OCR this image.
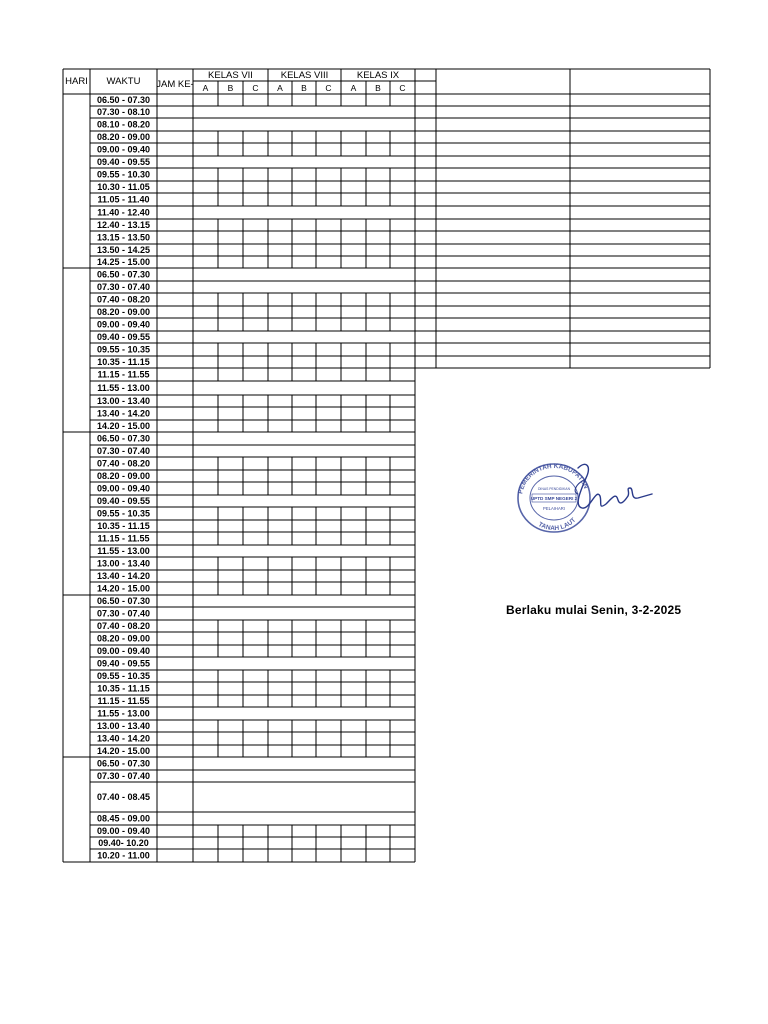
HARI WAKTU JAM KE-
KELAS VII
A B C
KELAS VIII
A B C
KELAS IX
A B C
06.50 - 07.30
07.30 - 08.10
08.10 - 08.20
08.20 - 09.00
09.00 - 09.40
09.40 - 09.55
09.55 - 10.30
10.30 - 11.05
11.05 - 11.40
11.40 - 12.40
12.40 - 13.15
13.15 - 13.50
13.50 - 14.25
14.25 - 15.00
06.50 - 07.30
07.30 - 07.40
07.40 - 08.20
08.20 - 09.00
09.00 - 09.40
09.40 - 09.55
09.55 - 10.35
10.35 - 11.15
11.15 - 11.55
11.55 - 13.00
13.00 - 13.40
13.40 - 14.20
14.20 - 15.00
06.50 - 07.30
07.30 - 07.40
07.40 - 08.20
08.20 - 09.00
09.00 - 09.40
09.40 - 09.55
09.55 - 10.35
10.35 - 11.15
11.15 - 11.55
11.55 - 13.00
13.00 - 13.40
13.40 - 14.20
14.20 - 15.00
06.50 - 07.30
07.30 - 07.40
07.40 - 08.20
08.20 - 09.00
09.00 - 09.40
09.40 - 09.55
09.55 - 10.35
10.35 - 11.15
11.15 - 11.55
11.55 - 13.00
13.00 - 13.40
13.40 - 14.20
14.20 - 15.00
06.50 - 07.30
07.30 - 07.40
07.40 - 08.45
08.45 - 09.00
09.00 - 09.40
09.40- 10.20
10.20 - 11.00
PEMERINTAH KABUPATEN
TANAH LAUT
DINAS PENDIDIKAN
UPTD SMP NEGERI 2
PELAIHARI
Berlaku mulai Senin, 3-2-2025
